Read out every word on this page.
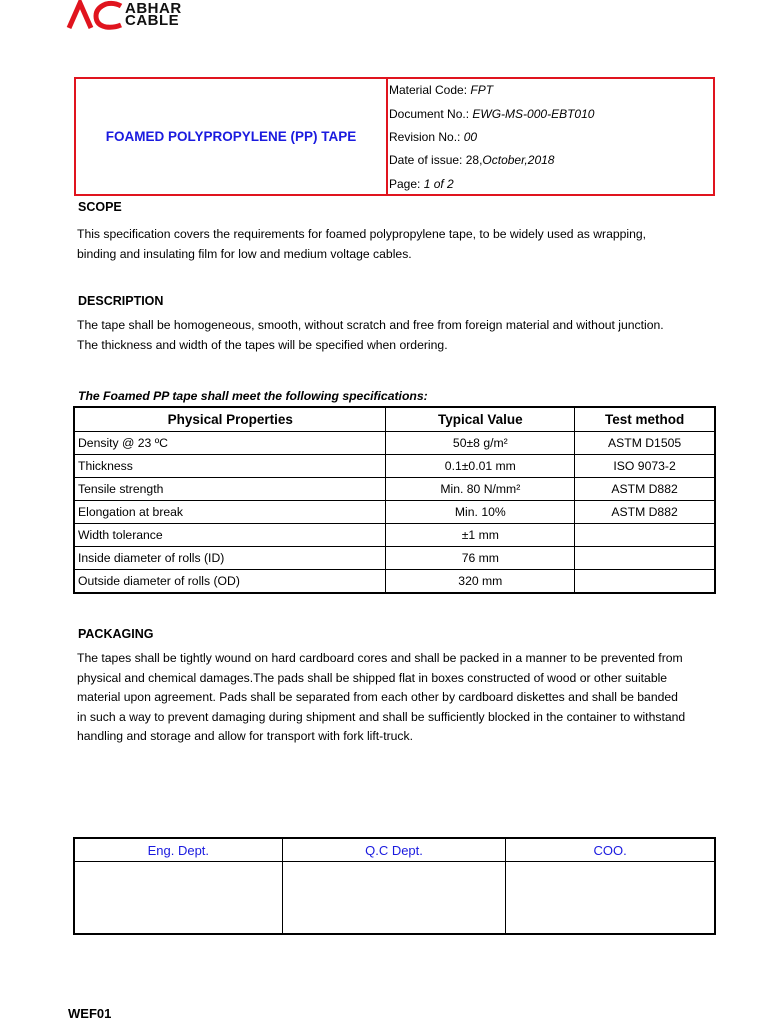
ABHAR
CABLE
FOAMED POLYPROPYLENE (PP) TAPE
Material Code: FPT
Document No.: EWG-MS-000-EBT010
Revision No.: 00
Date of issue: 28,October,2018
Page: 1 of 2
SCOPE
This specification covers the requirements for foamed polypropylene tape, to be widely used as wrapping,
binding and insulating film for low and medium voltage cables.
DESCRIPTION
The tape shall be homogeneous, smooth, without scratch and free from foreign material and without junction.
The thickness and width of the tapes will be specified when ordering.
The Foamed PP tape shall meet the following specifications:
Physical Properties	Typical Value	Test method
Density @ 23 ºC	50±8 g/m²	ASTM D1505
Thickness	0.1±0.01 mm	ISO 9073-2
Tensile strength	Min. 80 N/mm²	ASTM D882
Elongation at break	Min. 10%	ASTM D882
Width tolerance	±1 mm	
Inside diameter of rolls (ID)	76 mm	
Outside diameter of rolls (OD)	320 mm	
PACKAGING
The tapes shall be tightly wound on hard cardboard cores and shall be packed in a manner to be prevented from
physical and chemical damages.The pads shall be shipped flat in boxes constructed of wood or other suitable
material upon agreement. Pads shall be separated from each other by cardboard diskettes and shall be banded
in such a way to prevent damaging during shipment and shall be sufficiently blocked in the container to withstand
handling and storage and allow for transport with fork lift-truck.
Eng. Dept.	Q.C Dept.	COO.

WEF01
